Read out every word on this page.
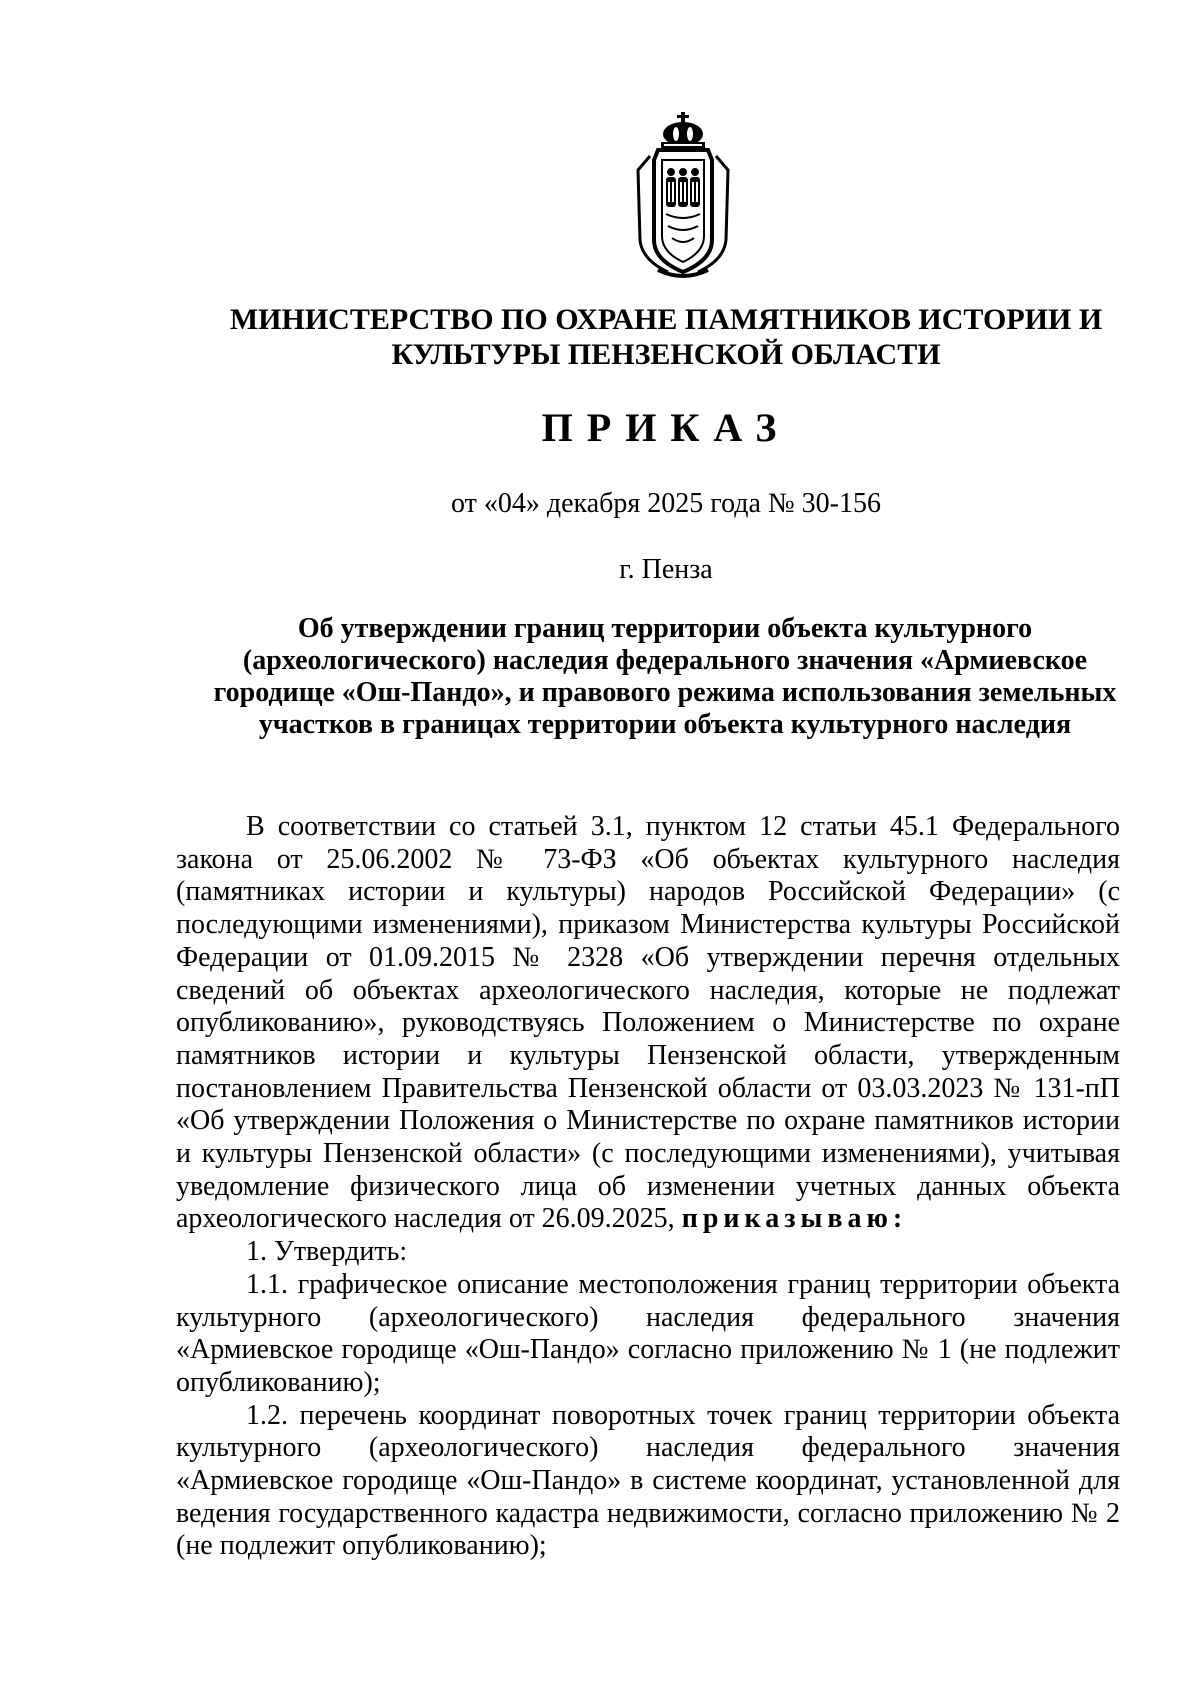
МИНИСТЕРСТВО ПО ОХРАНЕ ПАМЯТНИКОВ ИСТОРИИ И КУЛЬТУРЫ ПЕНЗЕНСКОЙ ОБЛАСТИ
ПРИКАЗ
от «04» декабря 2025 года № 30-156
г. Пенза
Об утверждении границ территории объекта культурного (археологического) наследия федерального значения «Армиевское городище «Ош-Пандо», и правового режима использования земельных участков в границах территории объекта культурного наследия

В соответствии со статьей 3.1, пунктом 12 статьи 45.1 Федерального закона от 25.06.2002 № 73-ФЗ «Об объектах культурного наследия (памятниках истории и культуры) народов Российской Федерации» (с последующими изменениями), приказом Министерства культуры Российской Федерации от 01.09.2015 № 2328 «Об утверждении перечня отдельных сведений об объектах археологического наследия, которые не подлежат опубликованию», руководствуясь Положением о Министерстве по охране памятников истории и культуры Пензенской области, утвержденным постановлением Правительства Пензенской области от 03.03.2023 № 131-пП «Об утверждении Положения о Министерстве по охране памятников истории и культуры Пензенской области» (с последующими изменениями), учитывая уведомление физического лица об изменении учетных данных объекта археологического наследия от 26.09.2025, приказываю:

1. Утвердить:

1.1. графическое описание местоположения границ территории объекта культурного (археологического) наследия федерального значения «Армиевское городище «Ош-Пандо» согласно приложению № 1 (не подлежит опубликованию);

1.2. перечень координат поворотных точек границ территории объекта культурного (археологического) наследия федерального значения «Армиевское городище «Ош-Пандо» в системе координат, установленной для ведения государственного кадастра недвижимости, согласно приложению № 2 (не подлежит опубликованию);
